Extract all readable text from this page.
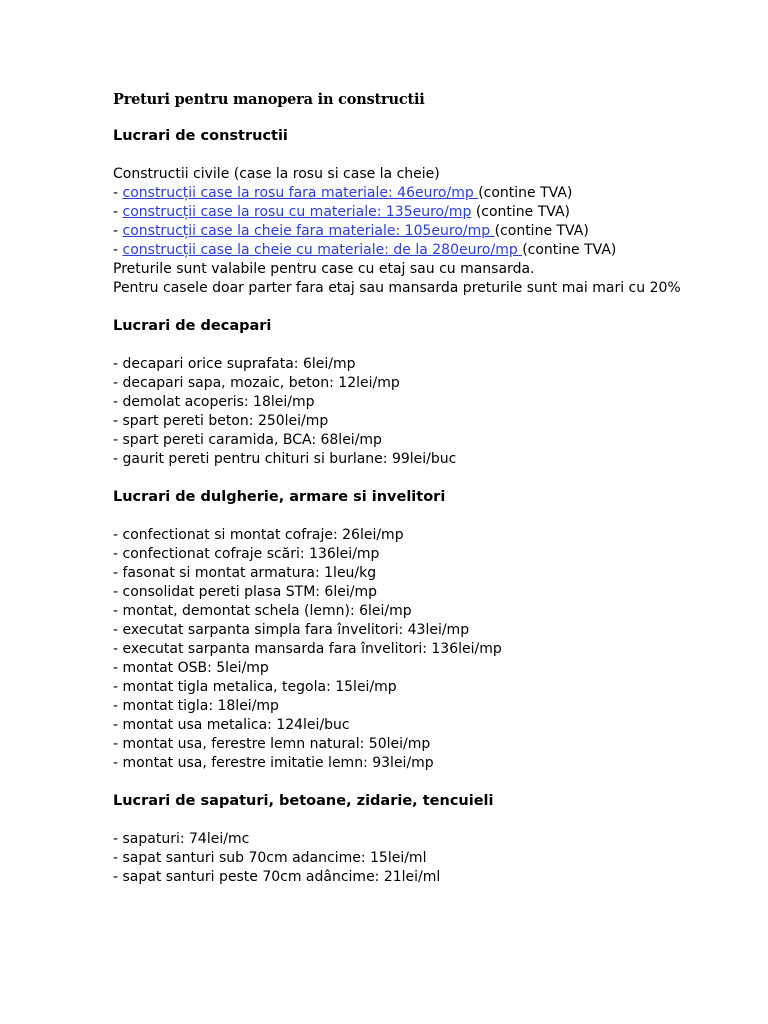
Preturi pentru manopera in constructii
Lucrari de constructii

Constructii civile (case la rosu si case la cheie)

- construcții case la rosu fara materiale: 46euro/mp (contine TVA)

- construcții case la rosu cu materiale: 135euro/mp (contine TVA)

- construcții case la cheie fara materiale: 105euro/mp (contine TVA)

- construcții case la cheie cu materiale: de la 280euro/mp (contine TVA)

Preturile sunt valabile pentru case cu etaj sau cu mansarda.

Pentru casele doar parter fara etaj sau mansarda preturile sunt mai mari cu 20%

Lucrari de decapari
- decapari orice suprafata: 6lei/mp
- decapari sapa, mozaic, beton: 12lei/mp
- demolat acoperis: 18lei/mp
- spart pereti beton: 250lei/mp
- spart pereti caramida, BCA: 68lei/mp
- gaurit pereti pentru chituri si burlane: 99lei/buc
Lucrari de dulgherie, armare si invelitori
- confectionat si montat cofraje: 26lei/mp
- confectionat cofraje scări: 136lei/mp
- fasonat si montat armatura: 1leu/kg
- consolidat pereti plasa STM: 6lei/mp
- montat, demontat schela (lemn): 6lei/mp
- executat sarpanta simpla fara învelitori: 43lei/mp
- executat sarpanta mansarda fara învelitori: 136lei/mp
- montat OSB: 5lei/mp
- montat tigla metalica, tegola: 15lei/mp
- montat tigla: 18lei/mp
- montat usa metalica: 124lei/buc
- montat usa, ferestre lemn natural: 50lei/mp
- montat usa, ferestre imitatie lemn: 93lei/mp
Lucrari de sapaturi, betoane, zidarie, tencuieli
- sapaturi: 74lei/mc
- sapat santuri sub 70cm adancime: 15lei/ml
- sapat santuri peste 70cm adâncime: 21lei/ml
